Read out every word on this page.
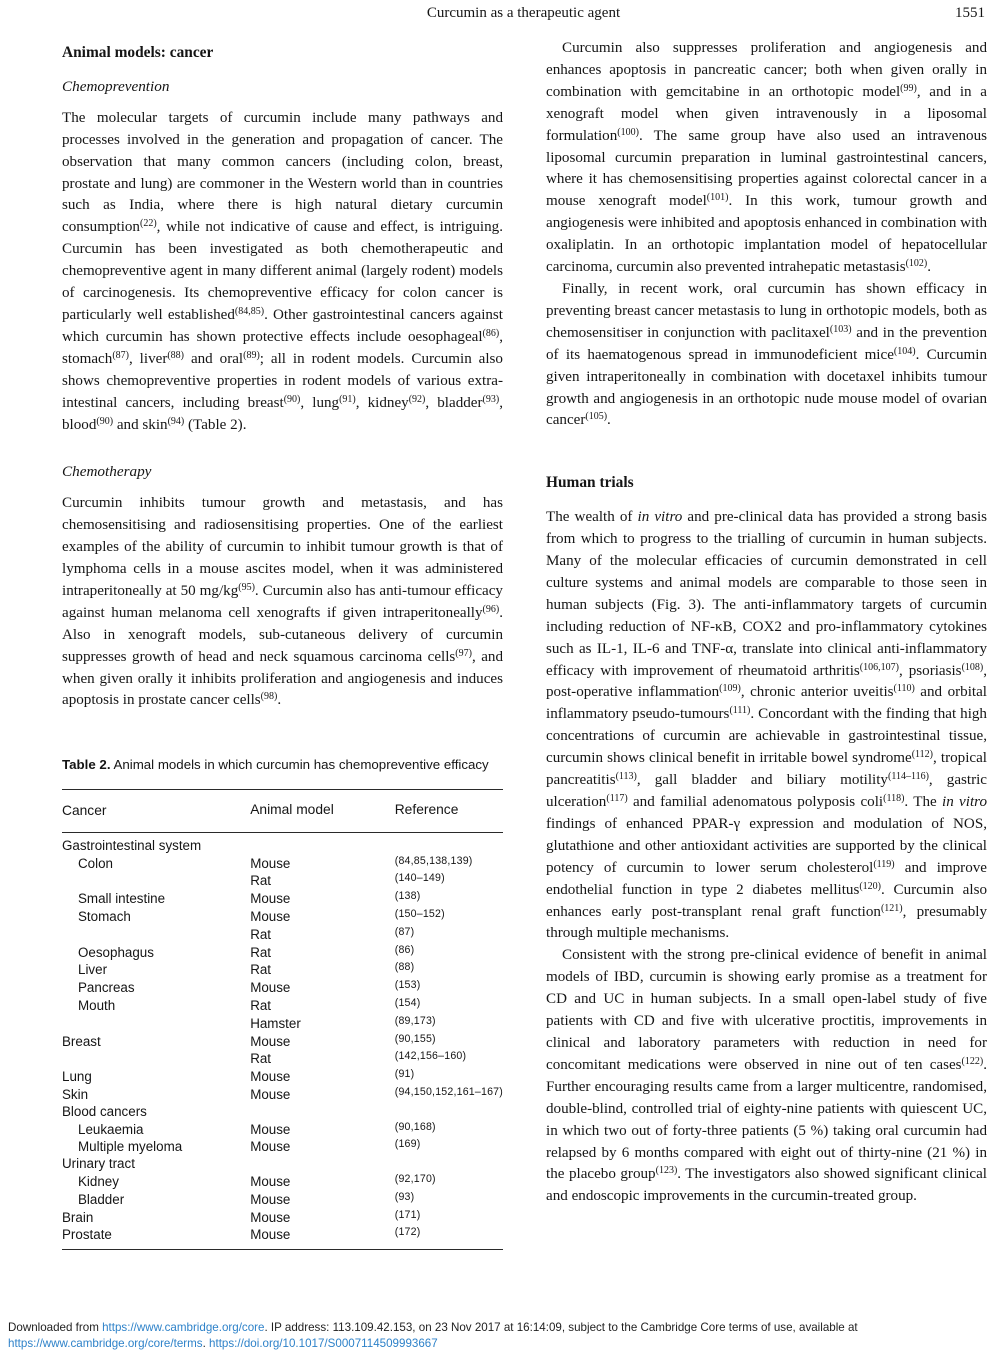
Curcumin as a therapeutic agent	1551
Animal models: cancer
Chemoprevention

The molecular targets of curcumin include many pathways and processes involved in the generation and propagation of cancer. The observation that many common cancers (including colon, breast, prostate and lung) are commoner in the Western world than in countries such as India, where there is high natural dietary curcumin consumption$^{(22)}$, while not indicative of cause and effect, is intriguing. Curcumin has been investigated as both chemotherapeutic and chemopreventive agent in many different animal (largely rodent) models of carcinogenesis. Its chemopreventive efficacy for colon cancer is particularly well established$^{(84,85)}$. Other gastrointestinal cancers against which curcumin has shown protective effects include oesophageal$^{(86)}$, stomach$^{(87)}$, liver$^{(88)}$ and oral$^{(89)}$; all in rodent models. Curcumin also shows chemopreventive properties in rodent models of various extra-intestinal cancers, including breast$^{(90)}$, lung$^{(91)}$, kidney$^{(92)}$, bladder$^{(93)}$, blood$^{(90)}$ and skin$^{(94)}$ (Table 2).

Chemotherapy

Curcumin inhibits tumour growth and metastasis, and has chemosensitising and radiosensitising properties. One of the earliest examples of the ability of curcumin to inhibit tumour growth is that of lymphoma cells in a mouse ascites model, when it was administered intraperitoneally at 50 $mg/kg^{(95)}$. Curcumin also has anti-tumour efficacy against human melanoma cell xenografts if given intraperitoneally$^{(96)}$. Also in xenograft models, sub-cutaneous delivery of curcumin suppresses growth of head and neck squamous carcinoma cells$^{(97)}$, and when given orally it inhibits proliferation and angiogenesis and induces apoptosis in prostate cancer cells$^{(98)}$.

Table 2. Animal models in which curcumin has chemopreventive efficacy
Cancer	Animal model	Reference
Gastrointestinal system		
Colon	Mouse	$^{(84,85,138,139)}$
	Rat	$^{(140-149)}$
Small intestine	Mouse	$^{(138)}$
Stomach	Mouse	$^{(150-152)}$
	Rat	$^{(87)}$
Oesophagus	Rat	$^{(86)}$
Liver	Rat	$^{(88)}$
Pancreas	Mouse	$^{(153)}$
Mouth	Rat	$^{(154)}$
	Hamster	$^{(89,173)}$
Breast	Mouse	$^{(90,155)}$
	Rat	$^{(142,156-160)}$
Lung	Mouse	$^{(91)}$
Skin	Mouse	$^{(94,150,152,161-167)}$
Blood cancers		
Leukaemia	Mouse	$^{(90,168)}$
Multiple myeloma	Mouse	$^{(169)}$
Urinary tract		
Kidney	Mouse	$^{(92,170)}$
Bladder	Mouse	$^{(93)}$
Brain	Mouse	$^{(171)}$
Prostate	Mouse	$^{(172)}$

Curcumin also suppresses proliferation and angiogenesis and enhances apoptosis in pancreatic cancer; both when given orally in combination with gemcitabine in an orthotopic model$^{(99)}$, and in a xenograft model when given intravenously in a liposomal formulation$^{(100)}$. The same group have also used an intravenous liposomal curcumin preparation in luminal gastrointestinal cancers, where it has chemosensitising properties against colorectal cancer in a mouse xenograft model$^{(101)}$. In this work, tumour growth and angiogenesis were inhibited and apoptosis enhanced in combination with oxaliplatin. In an orthotopic implantation model of hepatocellular carcinoma, curcumin also prevented intrahepatic metastasis$^{(102)}$.

Finally, in recent work, oral curcumin has shown efficacy in preventing breast cancer metastasis to lung in orthotopic models, both as chemosensitiser in conjunction with paclitaxel$^{(103)}$ and in the prevention of its haematogenous spread in immunodeficient mice$^{(104)}$. Curcumin given intraperitoneally in combination with docetaxel inhibits tumour growth and angiogenesis in an orthotopic nude mouse model of ovarian cancer$^{(105)}$.

Human trials

The wealth of in vitro and pre-clinical data has provided a strong basis from which to progress to the trialling of curcumin in human subjects. Many of the molecular efficacies of curcumin demonstrated in cell culture systems and animal models are comparable to those seen in human subjects (Fig. 3). The anti-inflammatory targets of curcumin including reduction of NF-κB, COX2 and pro-inflammatory cytokines such as IL-1, IL-6 and TNF-α, translate into clinical anti-inflammatory efficacy with improvement of rheumatoid arthritis$^{(106,107)}$, psoriasis$^{(108)}$, post-operative inflammation$^{(109)}$, chronic anterior uveitis$^{(110)}$ and orbital inflammatory pseudo-tumours$^{(111)}$. Concordant with the finding that high concentrations of curcumin are achievable in gastrointestinal tissue, curcumin shows clinical benefit in irritable bowel syndrome$^{(112)}$, tropical pancreatitis$^{(113)}$, gall bladder and biliary motility$^{(114-116)}$, gastric ulceration$^{(117)}$ and familial adenomatous polyposis coli$^{(118)}$. The in vitro findings of enhanced PPAR-γ expression and modulation of NOS, glutathione and other antioxidant activities are supported by the clinical potency of curcumin to lower serum cholesterol$^{(119)}$ and improve endothelial function in type 2 diabetes mellitus$^{(120)}$. Curcumin also enhances early post-transplant renal graft function$^{(121)}$, presumably through multiple mechanisms.

Consistent with the strong pre-clinical evidence of benefit in animal models of IBD, curcumin is showing early promise as a treatment for CD and UC in human subjects. In a small open-label study of five patients with CD and five with ulcerative proctitis, improvements in clinical and laboratory parameters with reduction in need for concomitant medications were observed in nine out of ten cases$^{(122)}$. Further encouraging results came from a larger multicentre, randomised, double-blind, controlled trial of eighty-nine patients with quiescent UC, in which two out of forty-three patients (5 %) taking oral curcumin had relapsed by 6 months compared with eight out of thirty-nine (21 %) in the placebo group$^{(123)}$. The investigators also showed significant clinical and endoscopic improvements in the curcumin-treated group.

Downloaded from https://www.cambridge.org/core. IP address: 113.109.42.153, on 23 Nov 2017 at 16:14:09, subject to the Cambridge Core terms of use, available at
https://www.cambridge.org/core/terms. https://doi.org/10.1017/S0007114509993667
